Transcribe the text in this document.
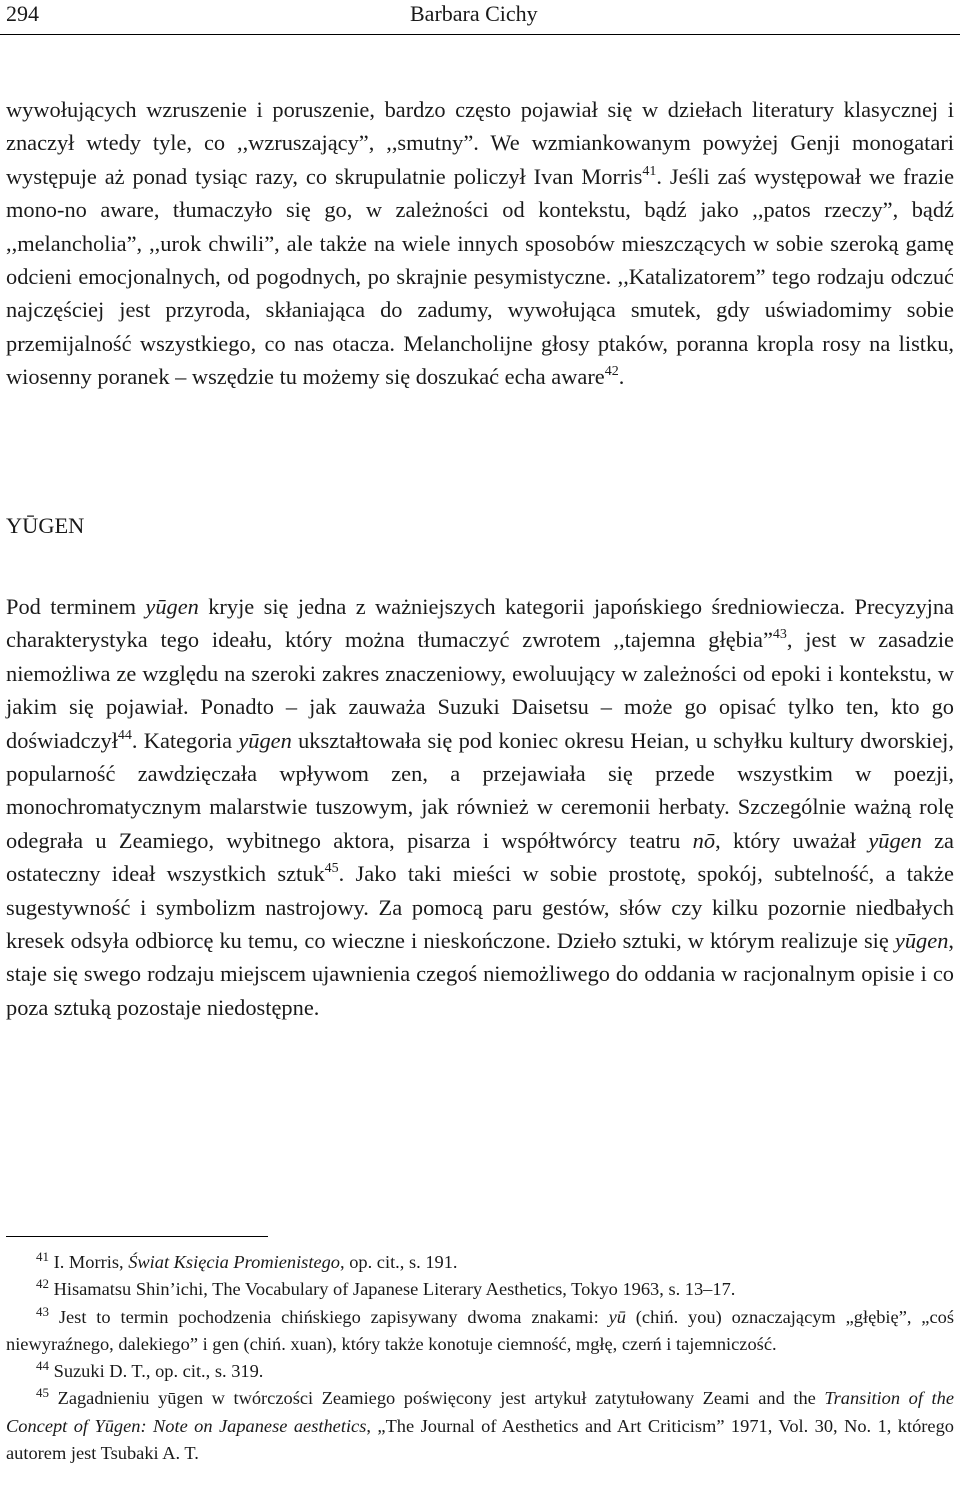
294	Barbara Cichy

wywołujących wzruszenie i poruszenie, bardzo często pojawiał się w dziełach literatury klasycznej i znaczył wtedy tyle, co ,,wzruszający”, ,,smutny”. We wzmiankowanym powyżej Genji monogatari występuje aż ponad tysiąc razy, co skrupulatnie policzył Ivan Morris$^{41}$. Jeśli zaś występował we frazie mono-no aware, tłumaczyło się go, w zależności od kontekstu, bądź jako ,,patos rzeczy”, bądź ,,melancholia”, ,,urok chwili”, ale także na wiele innych sposobów mieszczących w sobie szeroką gamę odcieni emocjonalnych, od pogodnych, po skrajnie pesymistyczne. ,,Katalizatorem” tego rodzaju odczuć najczęściej jest przyroda, skłaniająca do zadumy, wywołująca smutek, gdy uświadomimy sobie przemijalność wszystkiego, co nas otacza. Melancholijne głosy ptaków, poranna kropla rosy na listku, wiosenny poranek – wszędzie tu możemy się doszukać echa aware$^{42}$.

YŪGEN

Pod terminem yūgen kryje się jedna z ważniejszych kategorii japońskiego średniowiecza. Precyzyjna charakterystyka tego ideału, który można tłumaczyć zwrotem ,,tajemna głębia”$^{43}$, jest w zasadzie niemożliwa ze względu na szeroki zakres znaczeniowy, ewoluujący w zależności od epoki i kontekstu, w jakim się pojawiał. Ponadto – jak zauważa Suzuki Daisetsu – może go opisać tylko ten, kto go doświadczył$^{44}$. Kategoria yūgen ukształtowała się pod koniec okresu Heian, u schyłku kultury dworskiej, popularność zawdzięczała wpływom zen, a przejawiała się przede wszystkim w poezji, monochromatycznym malarstwie tuszowym, jak również w ceremonii herbaty. Szczególnie ważną rolę odegrała u Zeamiego, wybitnego aktora, pisarza i współtwórcy teatru nō, który uważał yūgen za ostateczny ideał wszystkich sztuk$^{45}$. Jako taki mieści w sobie prostotę, spokój, subtelność, a także sugestywność i symbolizm nastrojowy. Za pomocą paru gestów, słów czy kilku pozornie niedbałych kresek odsyła odbiorcę ku temu, co wieczne i nieskończone. Dzieło sztuki, w którym realizuje się yūgen, staje się swego rodzaju miejscem ujawnienia czegoś niemożliwego do oddania w racjonalnym opisie i co poza sztuką pozostaje niedostępne.

$^{41}$ I. Morris, Świat Księcia Promienistego, op. cit., s. 191.

$^{42}$ Hisamatsu Shin’ichi, The Vocabulary of Japanese Literary Aesthetics, Tokyo 1963, s. 13–17.

$^{43}$ Jest to termin pochodzenia chińskiego zapisywany dwoma znakami: yū (chiń. you) oznaczającym „głębię”, „coś niewyraźnego, dalekiego” i gen (chiń. xuan), który także konotuje ciemność, mgłę, czerń i tajemniczość.

$^{44}$ Suzuki D. T., op. cit., s. 319.

$^{45}$ Zagadnieniu yūgen w twórczości Zeamiego poświęcony jest artykuł zatytułowany Zeami and the Transition of the Concept of Yūgen: Note on Japanese aesthetics, „The Journal of Aesthetics and Art Criticism” 1971, Vol. 30, No. 1, którego autorem jest Tsubaki A. T.
